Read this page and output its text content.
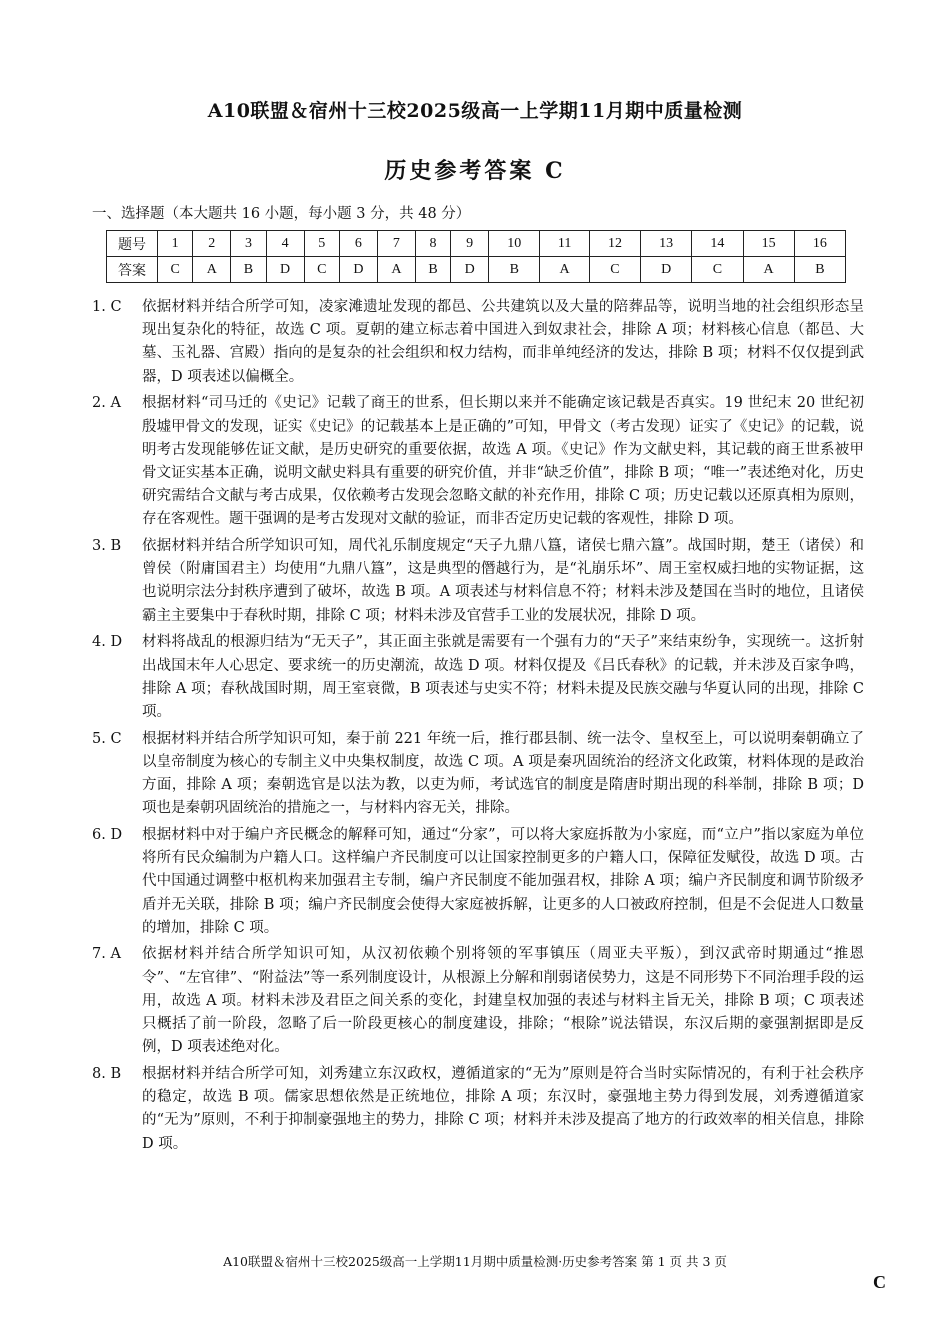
A10联盟＆宿州十三校2025级高一上学期11月期中质量检测
历史参考答案 C
一、选择题（本大题共 16 小题，每小题 3 分，共 48 分）
题号	1	2	3	4	5	6	7	8	9	10	11	12	13	14	15	16
答案	C	A	B	D	C	D	A	B	D	B	A	C	D	C	A	B
1. C	依据材料并结合所学可知，凌家滩遗址发现的都邑、公共建筑以及大量的陪葬品等，说明当地的社会组织形态呈现出复杂化的特征，故选 C 项。夏朝的建立标志着中国进入到奴隶社会，排除 A 项；材料核心信息（都邑、大墓、玉礼器、宫殿）指向的是复杂的社会组织和权力结构，而非单纯经济的发达，排除 B 项；材料不仅仅提到武器，D 项表述以偏概全。
2. A	根据材料“司马迁的《史记》记载了商王的世系，但长期以来并不能确定该记载是否真实。19 世纪末 20 世纪初殷墟甲骨文的发现，证实《史记》的记载基本上是正确的”可知，甲骨文（考古发现）证实了《史记》的记载，说明考古发现能够佐证文献，是历史研究的重要依据，故选 A 项。《史记》作为文献史料，其记载的商王世系被甲骨文证实基本正确，说明文献史料具有重要的研究价值，并非“缺乏价值”，排除 B 项；“唯一”表述绝对化，历史研究需结合文献与考古成果，仅依赖考古发现会忽略文献的补充作用，排除 C 项；历史记载以还原真相为原则，存在客观性。题干强调的是考古发现对文献的验证，而非否定历史记载的客观性，排除 D 项。
3. B	依据材料并结合所学知识可知，周代礼乐制度规定“天子九鼎八簋，诸侯七鼎六簋”。战国时期，楚王（诸侯）和曾侯（附庸国君主）均使用“九鼎八簋”，这是典型的僭越行为，是“礼崩乐坏”、周王室权威扫地的实物证据，这也说明宗法分封秩序遭到了破坏，故选 B 项。A 项表述与材料信息不符；材料未涉及楚国在当时的地位，且诸侯霸主主要集中于春秋时期，排除 C 项；材料未涉及官营手工业的发展状况，排除 D 项。
4. D	材料将战乱的根源归结为“无天子”，其正面主张就是需要有一个强有力的“天子”来结束纷争，实现统一。这折射出战国末年人心思定、要求统一的历史潮流，故选 D 项。材料仅提及《吕氏春秋》的记载，并未涉及百家争鸣，排除 A 项；春秋战国时期，周王室衰微，B 项表述与史实不符；材料未提及民族交融与华夏认同的出现，排除 C 项。
5. C	根据材料并结合所学知识可知，秦于前 221 年统一后，推行郡县制、统一法令、皇权至上，可以说明秦朝确立了以皇帝制度为核心的专制主义中央集权制度，故选 C 项。A 项是秦巩固统治的经济文化政策，材料体现的是政治方面，排除 A 项；秦朝选官是以法为教，以吏为师，考试选官的制度是隋唐时期出现的科举制，排除 B 项；D 项也是秦朝巩固统治的措施之一，与材料内容无关，排除。
6. D	根据材料中对于编户齐民概念的解释可知，通过“分家”，可以将大家庭拆散为小家庭，而“立户”指以家庭为单位将所有民众编制为户籍人口。这样编户齐民制度可以让国家控制更多的户籍人口，保障征发赋役，故选 D 项。古代中国通过调整中枢机构来加强君主专制，编户齐民制度不能加强君权，排除 A 项；编户齐民制度和调节阶级矛盾并无关联，排除 B 项；编户齐民制度会使得大家庭被拆解，让更多的人口被政府控制，但是不会促进人口数量的增加，排除 C 项。
7. A	依据材料并结合所学知识可知，从汉初依赖个别将领的军事镇压（周亚夫平叛），到汉武帝时期通过“推恩令”、“左官律”、“附益法”等一系列制度设计，从根源上分解和削弱诸侯势力，这是不同形势下不同治理手段的运用，故选 A 项。材料未涉及君臣之间关系的变化，封建皇权加强的表述与材料主旨无关，排除 B 项；C 项表述只概括了前一阶段，忽略了后一阶段更核心的制度建设，排除；“根除”说法错误，东汉后期的豪强割据即是反例，D 项表述绝对化。
8. B	根据材料并结合所学可知，刘秀建立东汉政权，遵循道家的“无为”原则是符合当时实际情况的，有利于社会秩序的稳定，故选 B 项。儒家思想依然是正统地位，排除 A 项；东汉时，豪强地主势力得到发展，刘秀遵循道家的“无为”原则，不利于抑制豪强地主的势力，排除 C 项；材料并未涉及提高了地方的行政效率的相关信息，排除 D 项。
A10联盟＆宿州十三校2025级高一上学期11月期中质量检测·历史参考答案 第 1 页 共 3 页
C
